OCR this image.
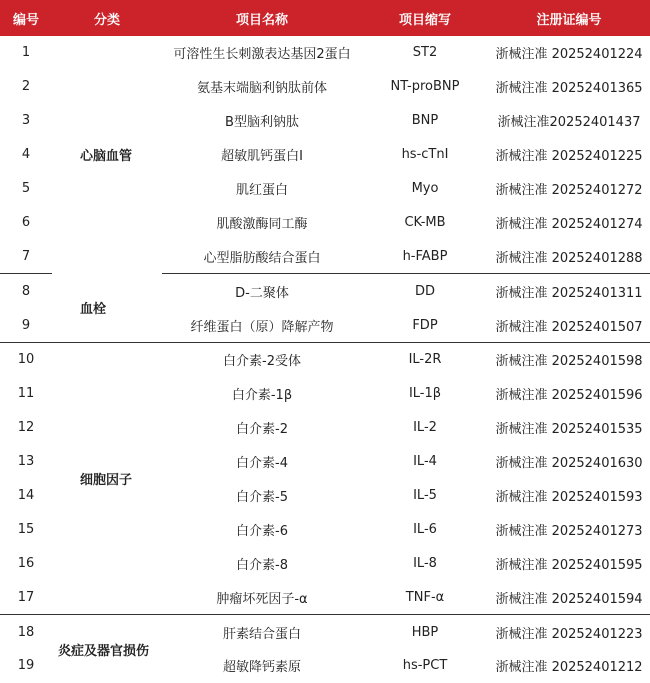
编号	分类	项目名称	项目缩写	注册证编号
1	心脑血管	可溶性生长刺激表达基因2蛋白	ST2	浙械注准 20252401224
2		氨基末端脑利钠肽前体	NT-proBNP	浙械注准 20252401365
3		B型脑利钠肽	BNP	浙械注准20252401437
4		超敏肌钙蛋白I	hs-cTnI	浙械注准 20252401225
5		肌红蛋白	Myo	浙械注准 20252401272
6		肌酸激酶同工酶	CK-MB	浙械注准 20252401274
7		心型脂肪酸结合蛋白	h-FABP	浙械注准 20252401288
8	血栓	D-二聚体	DD	浙械注准 20252401311
9		纤维蛋白（原）降解产物	FDP	浙械注准 20252401507
10	细胞因子	白介素-2受体	IL-2R	浙械注准 20252401598
11		白介素-1β	IL-1β	浙械注准 20252401596
12		白介素-2	IL-2	浙械注准 20252401535
13		白介素-4	IL-4	浙械注准 20252401630
14		白介素-5	IL-5	浙械注准 20252401593
15		白介素-6	IL-6	浙械注准 20252401273
16		白介素-8	IL-8	浙械注准 20252401595
17		肿瘤坏死因子-α	TNF-α	浙械注准 20252401594
18	炎症及器官损伤	肝素结合蛋白	HBP	浙械注准 20252401223
19		超敏降钙素原	hs-PCT	浙械注准 20252401212
